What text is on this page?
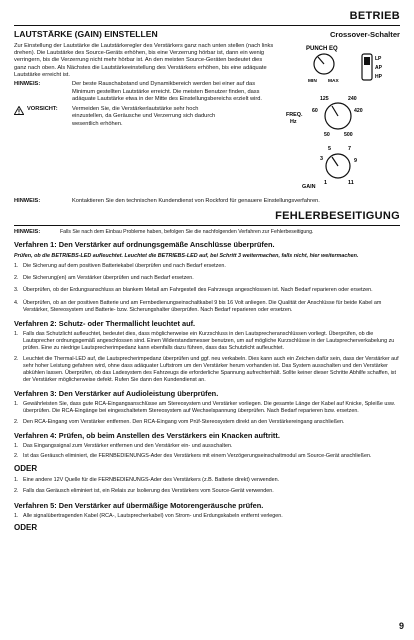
BETRIEB
LAUTSTÄRKE (GAIN) EINSTELLEN
Zur Einstellung der Lautstärke die Lautstärkeregler des Verstärkers ganz nach unten stellen (nach links drehen). Die Lautstärke des Source-Geräts erhöhen, bis eine Verzerrung hörbar ist, dann ein wenig verringern, bis die Verzerrung nicht mehr hörbar ist. An den meisten Source-Geräten bedeutet dies ganz nach oben. Als Nächstes die Lautstärkeeinstellung des Verstärkers erhöhen, bis eine adäquate Lautstärke erreicht ist.
HINWEIS:	Der beste Rauschabstand und Dynamikbereich werden bei einer auf das Minimum gestellten Lautstärke erreicht. Die meisten Benutzer finden, dass adäquate Lautstärke etwa in der Mitte des Einstellungsbereichs erzielt wird.
VORSICHT:	Vermeiden Sie, die Verstärkerlautstärke sehr hoch einzustellen, da Geräusche und Verzerrung sich dadurch wesentlich erhöhen.
HINWEIS:	Kontaktieren Sie den technischen Kundendienst von Rockford für genauere Einstellungsverfahren.
Crossover-Schalter
PUNCH EQ
MIN MAX
LP
AP
HP
FREQ.
Hz
125	240
60	420
50	500
5
3
7
9
1	11
GAIN
FEHLERBESEITIGUNG
HINWEIS:	Falls Sie nach dem Einbau Probleme haben, befolgen Sie die nachfolgenden Verfahren zur Fehlerbeseitigung.
Verfahren 1: Den Verstärker auf ordnungsgemäße Anschlüsse überprüfen.
Prüfen, ob die BETRIEBS-LED aufleuchtet. Leuchtet die BETRIEBS-LED auf, bei Schritt 3 weitermachen, falls nicht, hier weitermachen.
1. Die Sicherung auf dem positiven Batteriekabel überprüfen und nach Bedarf ersetzen.
2. Die Sicherung(en) am Verstärker überprüfen und nach Bedarf ersetzen.
3. Überprüfen, ob der Erdungsanschluss an blankem Metall am Fahrgestell des Fahrzeugs angeschlossen ist. Nach Bedarf reparieren oder ersetzen.
4. Überprüfen, ob an der positiven Batterie und am Fernbedienungseinschaltkabel 9 bis 16 Volt anliegen. Die Qualität der Anschlüsse für beide Kabel am Verstärker, Stereosystem und Batterie- bzw. Sicherungshalter überprüfen. Nach Bedarf reparieren oder ersetzen.
Verfahren 2: Schutz- oder Thermallicht leuchtet auf.
1. Falls das Schutzlicht aufleuchtet, bedeutet dies, dass möglicherweise ein Kurzschluss in den Lautsprecheranschlüssen vorliegt. Überprüfen, ob die Lautsprecher ordnungsgemäß angeschlossen sind. Einen Widerstandsmesser benutzen, um auf mögliche Kurzschlüsse in der Lautsprecherverkabelung zu prüfen. Eine zu niedrige Lautsprecherimpedanz kann ebenfalls dazu führen, dass das Schutzlicht aufleuchtet.
2. Leuchtet die Thermal-LED auf, die Lautsprecherimpedanz überprüfen und ggf. neu verkabeln. Dies kann auch ein Zeichen dafür sein, dass der Verstärker auf sehr hoher Leistung gefahren wird, ohne dass adäquater Luftstrom um den Verstärker herum vorhanden ist. Das System ausschalten und den Verstärker abkühlen lassen. Überprüfen, ob das Ladesystem des Fahrzeugs die erforderliche Spannung aufrechterhält. Sollte keiner dieser Schritte Abhilfe schaffen, ist der Verstärker möglicherweise defekt. Rufen Sie dann den Kundendienst an.
Verfahren 3: Den Verstärker auf Audioleistung überprüfen.
1. Gewährleisten Sie, dass gute RCA-Eingangsanschlüsse am Stereosystem und Verstärker vorliegen. Die gesamte Länge der Kabel auf Knicke, Spleiße usw. überprüfen. Die RCA-Eingänge bei eingeschaltetem Stereosystem auf Wechselspannung überprüfen. Nach Bedarf reparieren bzw. ersetzen.
2. Den RCA-Eingang vom Verstärker entfernen. Den RCA-Eingang vom Prüf-Stereosystem direkt an den Verstärkereingang anschließen.
Verfahren 4: Prüfen, ob beim Anstellen des Verstärkers ein Knacken auftritt.
1. Das Eingangssignal zum Verstärker entfernen und den Verstärker ein- und ausschalten.
2. Ist das Geräusch eliminiert, die FERNBEDIENUNGS-Ader des Verstärkers mit einem Verzögerungseinschaltmodul am Source-Gerät anschließen.
ODER
1. Eine andere 12V Quelle für die FERNBEDIENUNGS-Ader des Verstärkers (z.B. Batterie direkt) verwenden.
2. Falls das Geräusch eliminiert ist, ein Relais zur Isolierung des Verstärkers vom Source-Gerät verwenden.
Verfahren 5: Den Verstärker auf übermäßige Motorengeräusche prüfen.
1. Alle signalübertragenden Kabel (RCA-, Lautsprecherkabel) von Strom- und Erdungskabeln entfernt verlegen.
ODER
9
